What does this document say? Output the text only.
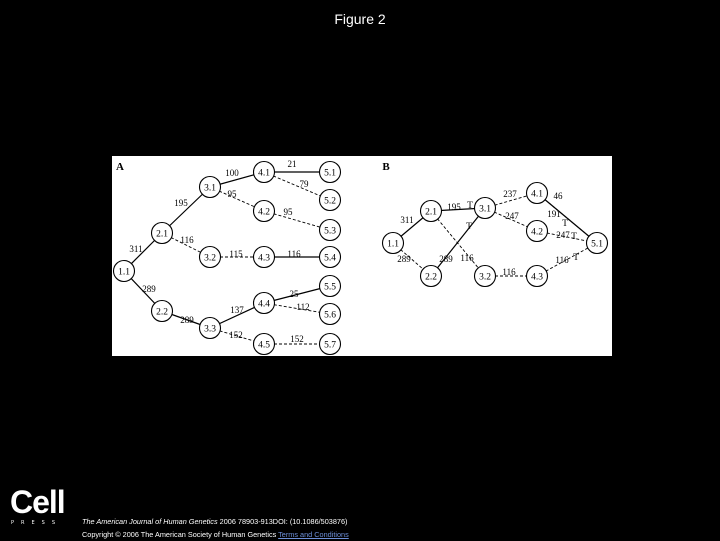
Figure 2
311
289
195
116
289
100
95
115
137
152
21
79
95
116
25
112
152
1.1
2.1
2.2
3.1
3.2
3.3
4.1
4.2
4.3
4.4
4.5
5.1
5.2
5.3
5.4
5.5
5.6
5.7
A
311
289
195
289 116
237
247
116
46
191
247
116
T
T	T
T
T
1.1
2.1
2.2
3.1
3.2
4.1
4.2
4.3
5.1
B
Cell
PRESS	The American Journal of Human Genetics 2006 78903-913DOI: (10.1086/503876)
Copyright © 2006 The American Society of Human Genetics Terms and Conditions
